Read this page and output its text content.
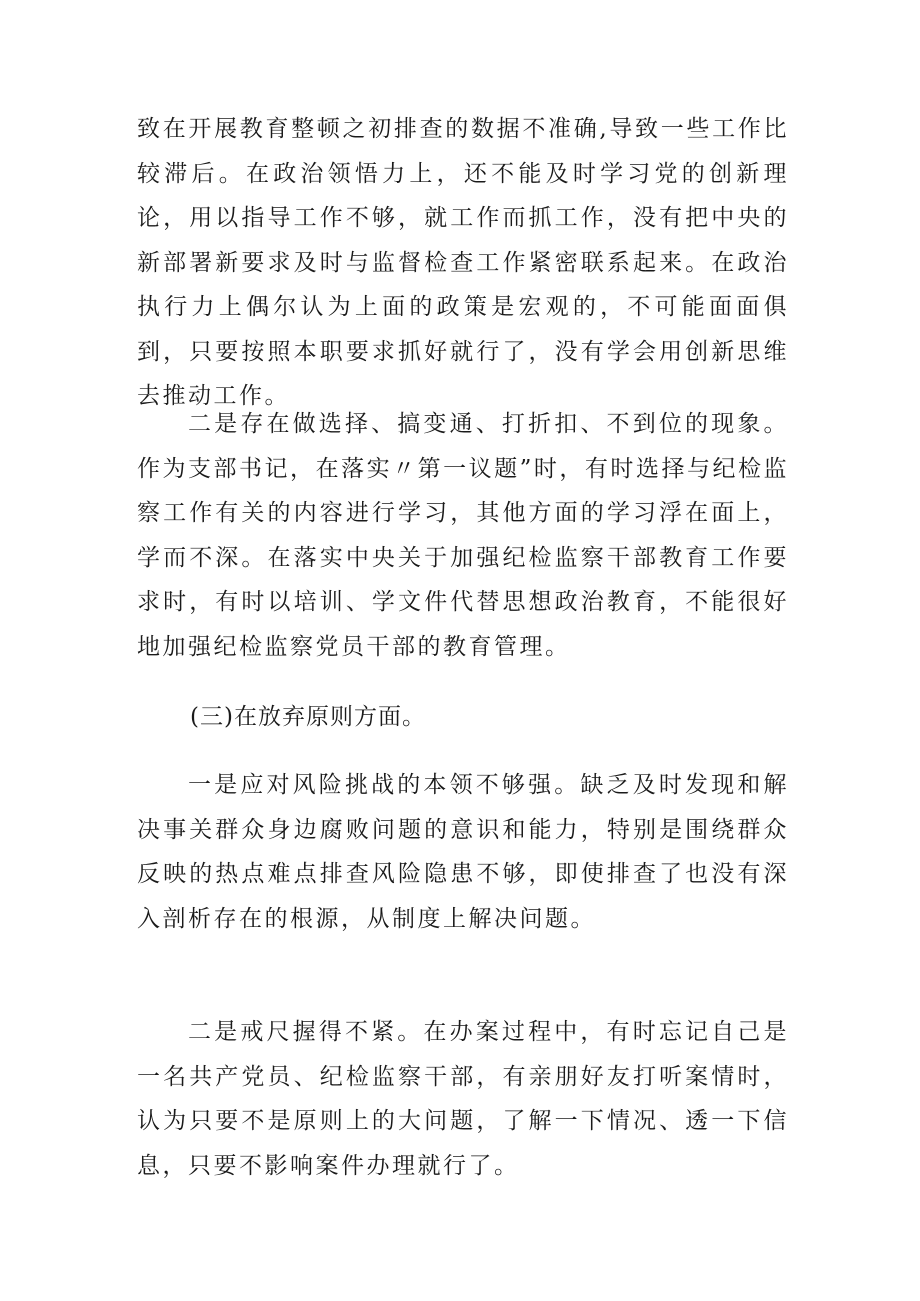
致在开展教育整顿之初排查的数据不准确,导致一些工作比较滞后。在政治领悟力上，还不能及时学习党的创新理论，用以指导工作不够，就工作而抓工作，没有把中央的新部署新要求及时与监督检查工作紧密联系起来。在政治执行力上偶尔认为上面的政策是宏观的，不可能面面俱到，只要按照本职要求抓好就行了，没有学会用创新思维去推动工作。

二是存在做选择、搞变通、打折扣、不到位的现象。作为支部书记，在落实〃第一议题”时，有时选择与纪检监察工作有关的内容进行学习，其他方面的学习浮在面上，学而不深。在落实中央关于加强纪检监察干部教育工作要求时，有时以培训、学文件代替思想政治教育，不能很好地加强纪检监察党员干部的教育管理。

(三)在放弃原则方面。

一是应对风险挑战的本领不够强。缺乏及时发现和解决事关群众身边腐败问题的意识和能力，特别是围绕群众反映的热点难点排查风险隐患不够，即使排查了也没有深入剖析存在的根源，从制度上解决问题。

二是戒尺握得不紧。在办案过程中，有时忘记自己是一名共产党员、纪检监察干部，有亲朋好友打听案情时，认为只要不是原则上的大问题，了解一下情况、透一下信息，只要不影响案件办理就行了。
